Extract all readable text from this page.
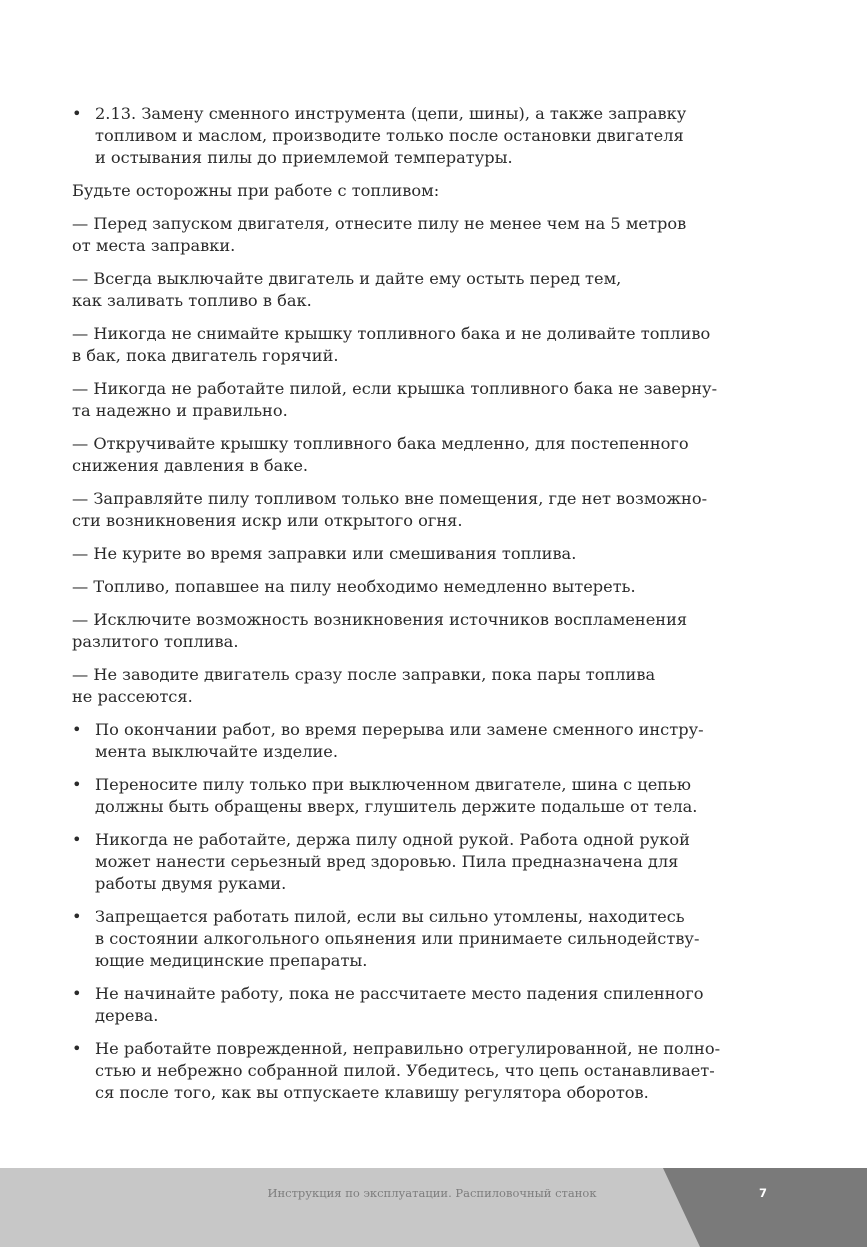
• 2.13. Замену сменного инструмента (цепи, шины), а также заправку
топливом и маслом, производите только после остановки двигателя
и остывания пилы до приемлемой температуры.
Будьте осторожны при работе с топливом:
— Перед запуском двигателя, отнесите пилу не менее чем на 5 метров
от места заправки.
— Всегда выключайте двигатель и дайте ему остыть перед тем,
как заливать топливо в бак.
— Никогда не снимайте крышку топливного бака и не доливайте топливо
в бак, пока двигатель горячий.
— Никогда не работайте пилой, если крышка топливного бака не заверну-
та надежно и правильно.
— Откручивайте крышку топливного бака медленно, для постепенного
снижения давления в баке.
— Заправляйте пилу топливом только вне помещения, где нет возможно-
сти возникновения искр или открытого огня.
— Не курите во время заправки или смешивания топлива.
— Топливо, попавшее на пилу необходимо немедленно вытереть.
— Исключите возможность возникновения источников воспламенения
разлитого топлива.
— Не заводите двигатель сразу после заправки, пока пары топлива
не рассеются.
• По окончании работ, во время перерыва или замене сменного инстру-
мента выключайте изделие.
• Переносите пилу только при выключенном двигателе, шина с цепью
должны быть обращены вверх, глушитель держите подальше от тела.
• Никогда не работайте, держа пилу одной рукой. Работа одной рукой
может нанести серьезный вред здоровью. Пила предназначена для
работы двумя руками.
• Запрещается работать пилой, если вы сильно утомлены, находитесь
в состоянии алкогольного опьянения или принимаете сильнодейству-
ющие медицинские препараты.
• Не начинайте работу, пока не рассчитаете место падения спиленного
дерева.
• Не работайте поврежденной, неправильно отрегулированной, не полно-
стью и небрежно собранной пилой. Убедитесь, что цепь останавливает-
ся после того, как вы отпускаете клавишу регулятора оборотов.
Инструкция по эксплуатации. Распиловочный станок	7
